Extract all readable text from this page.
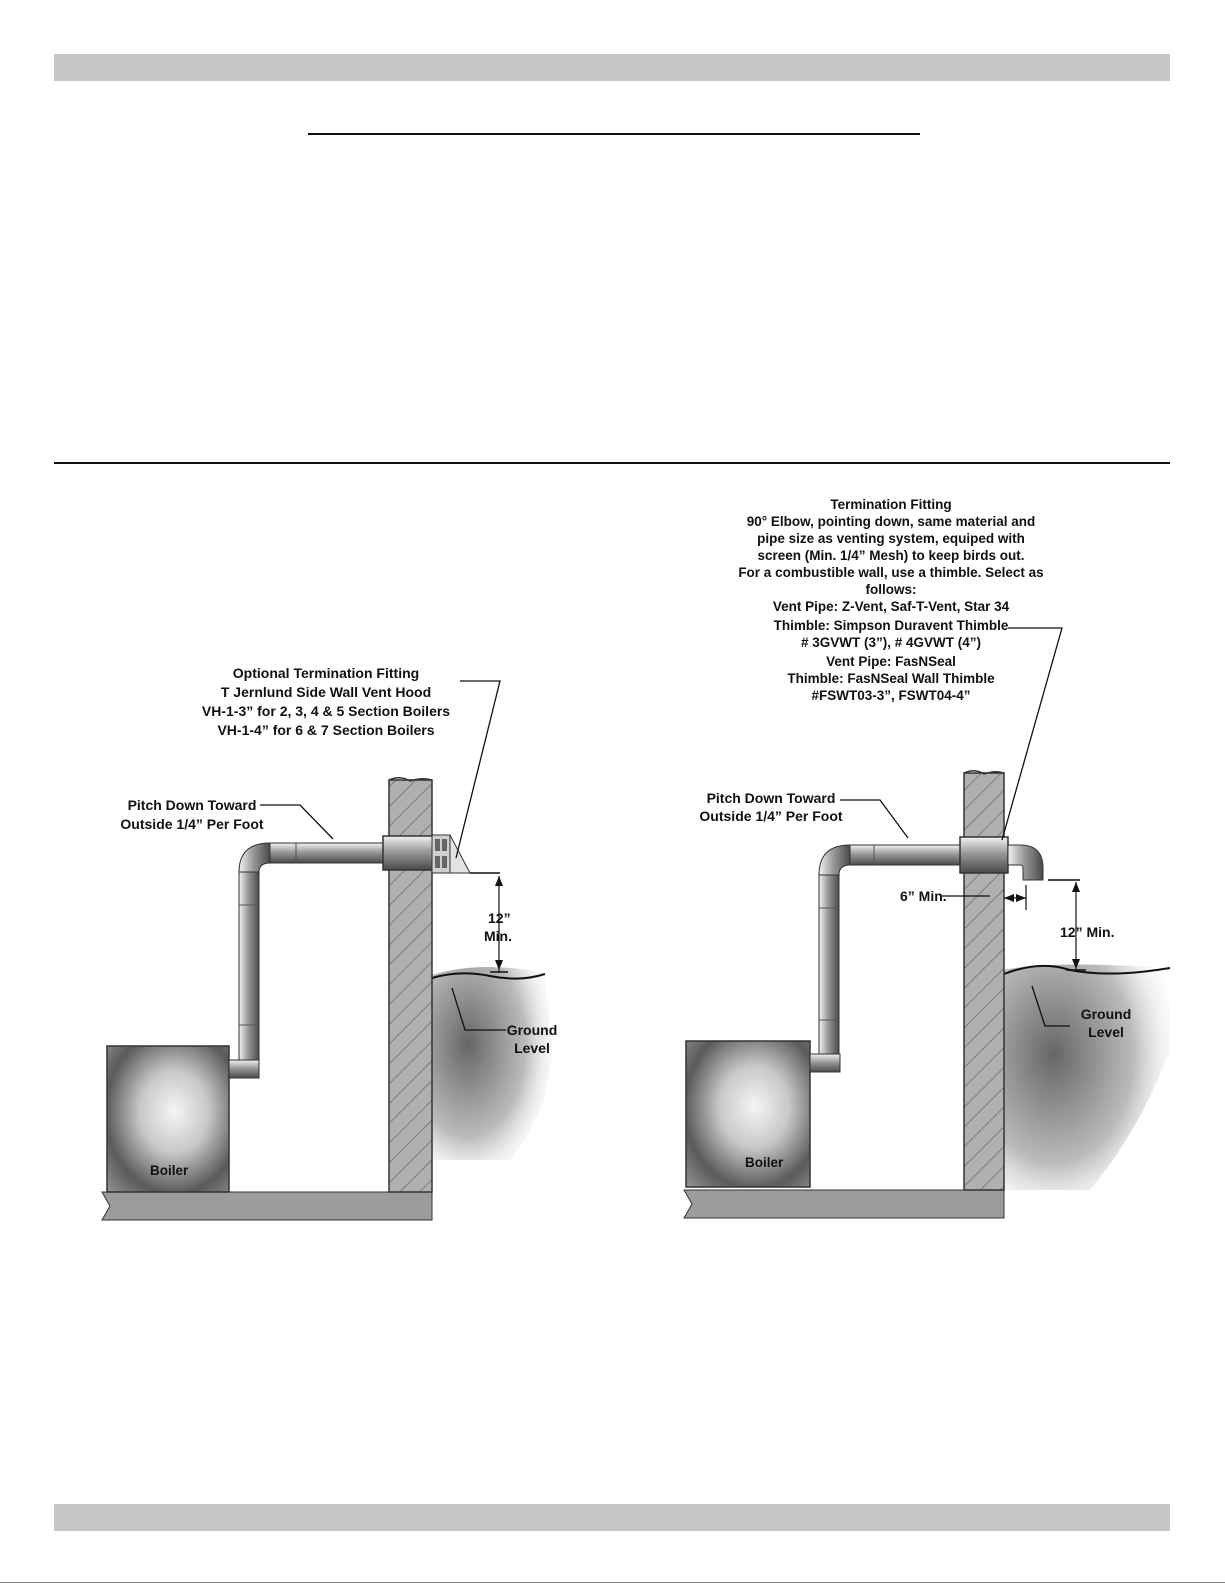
Boiler
12”
Min.
Optional Termination Fitting
T Jernlund Side Wall Vent Hood
VH-1-3” for 2, 3, 4 & 5 Section Boilers
VH-1-4” for 6 & 7 Section Boilers
Pitch Down Toward
Outside 1/4” Per Foot
Ground
Level
Boiler
6” Min.
12” Min.
Termination Fitting
90° Elbow, pointing down, same material and
pipe size as venting system, equiped with
screen (Min. 1/4” Mesh) to keep birds out.
For a combustible wall, use a thimble. Select as
follows:
Vent Pipe: Z-Vent, Saf-T-Vent, Star 34
Thimble: Simpson Duravent Thimble
# 3GVWT (3”), # 4GVWT (4”)
Vent Pipe: FasNSeal
Thimble: FasNSeal Wall Thimble
#FSWT03-3”, FSWT04-4”
Pitch Down Toward
Outside 1/4” Per Foot
Ground
Level
